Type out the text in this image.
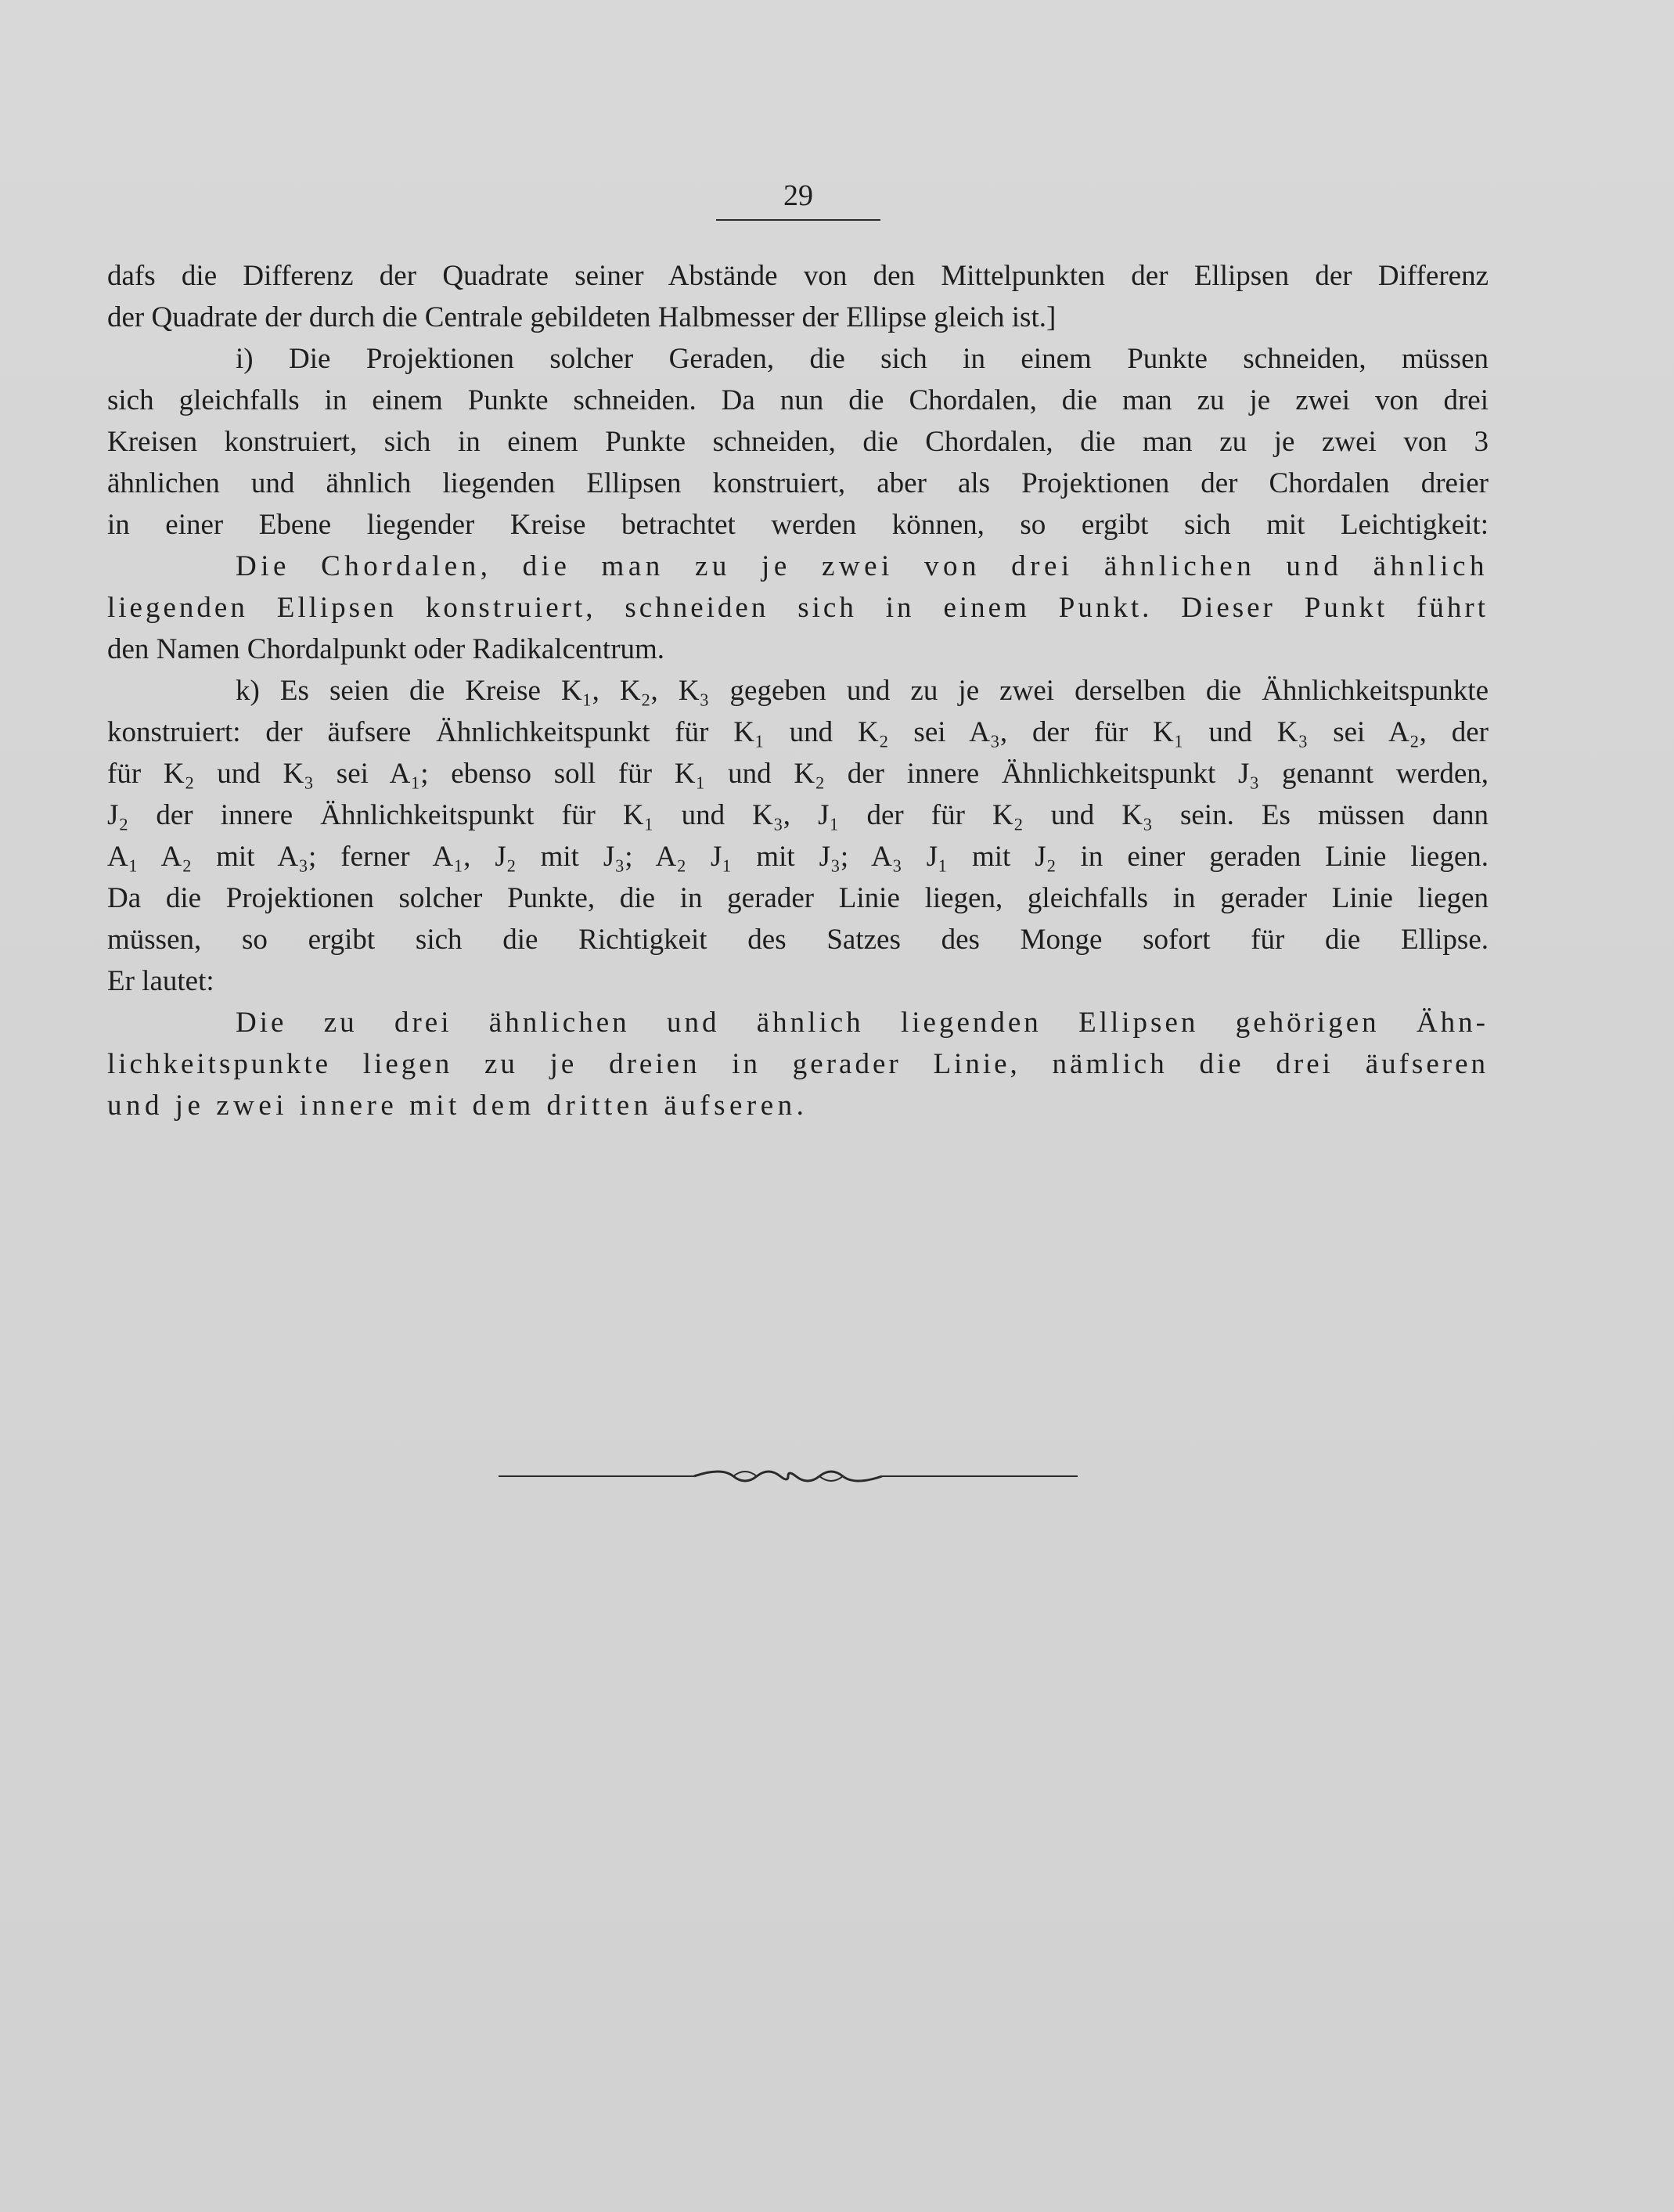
29
dafs die Differenz der Quadrate seiner Abstände von den Mittelpunkten der Ellipsen der Differenz
der Quadrate der durch die Centrale gebildeten Halbmesser der Ellipse gleich ist.]
i) Die Projektionen solcher Geraden, die sich in einem Punkte schneiden, müssen
sich gleichfalls in einem Punkte schneiden. Da nun die Chordalen, die man zu je zwei von drei
Kreisen konstruiert, sich in einem Punkte schneiden, die Chordalen, die man zu je zwei von 3
ähnlichen und ähnlich liegenden Ellipsen konstruiert, aber als Projektionen der Chordalen dreier
in einer Ebene liegender Kreise betrachtet werden können, so ergibt sich mit Leichtigkeit:
Die Chordalen, die man zu je zwei von drei ähnlichen und ähnlich
liegenden Ellipsen konstruiert, schneiden sich in einem Punkt. Dieser Punkt führt
den Namen Chordalpunkt oder Radikalcentrum.
k) Es seien die Kreise K₁, K₂, K₃ gegeben und zu je zwei derselben die Ähnlichkeitspunkte
konstruiert: der äufsere Ähnlichkeitspunkt für K₁ und K₂ sei A₃, der für K₁ und K₃ sei A₂, der
für K₂ und K₃ sei A₁; ebenso soll für K₁ und K₂ der innere Ähnlichkeitspunkt J₃ genannt werden,
J₂ der innere Ähnlichkeitspunkt für K₁ und K₃, J₁ der für K₂ und K₃ sein. Es müssen dann
A₁ A₂ mit A₃; ferner A₁, J₂ mit J₃; A₂ J₁ mit J₃; A₃ J₁ mit J₂ in einer geraden Linie liegen.
Da die Projektionen solcher Punkte, die in gerader Linie liegen, gleichfalls in gerader Linie liegen
müssen, so ergibt sich die Richtigkeit des Satzes des Monge sofort für die Ellipse.
Er lautet:
Die zu drei ähnlichen und ähnlich liegenden Ellipsen gehörigen Ähn-
lichkeitspunkte liegen zu je dreien in gerader Linie, nämlich die drei äufseren
und je zwei innere mit dem dritten äufseren.
